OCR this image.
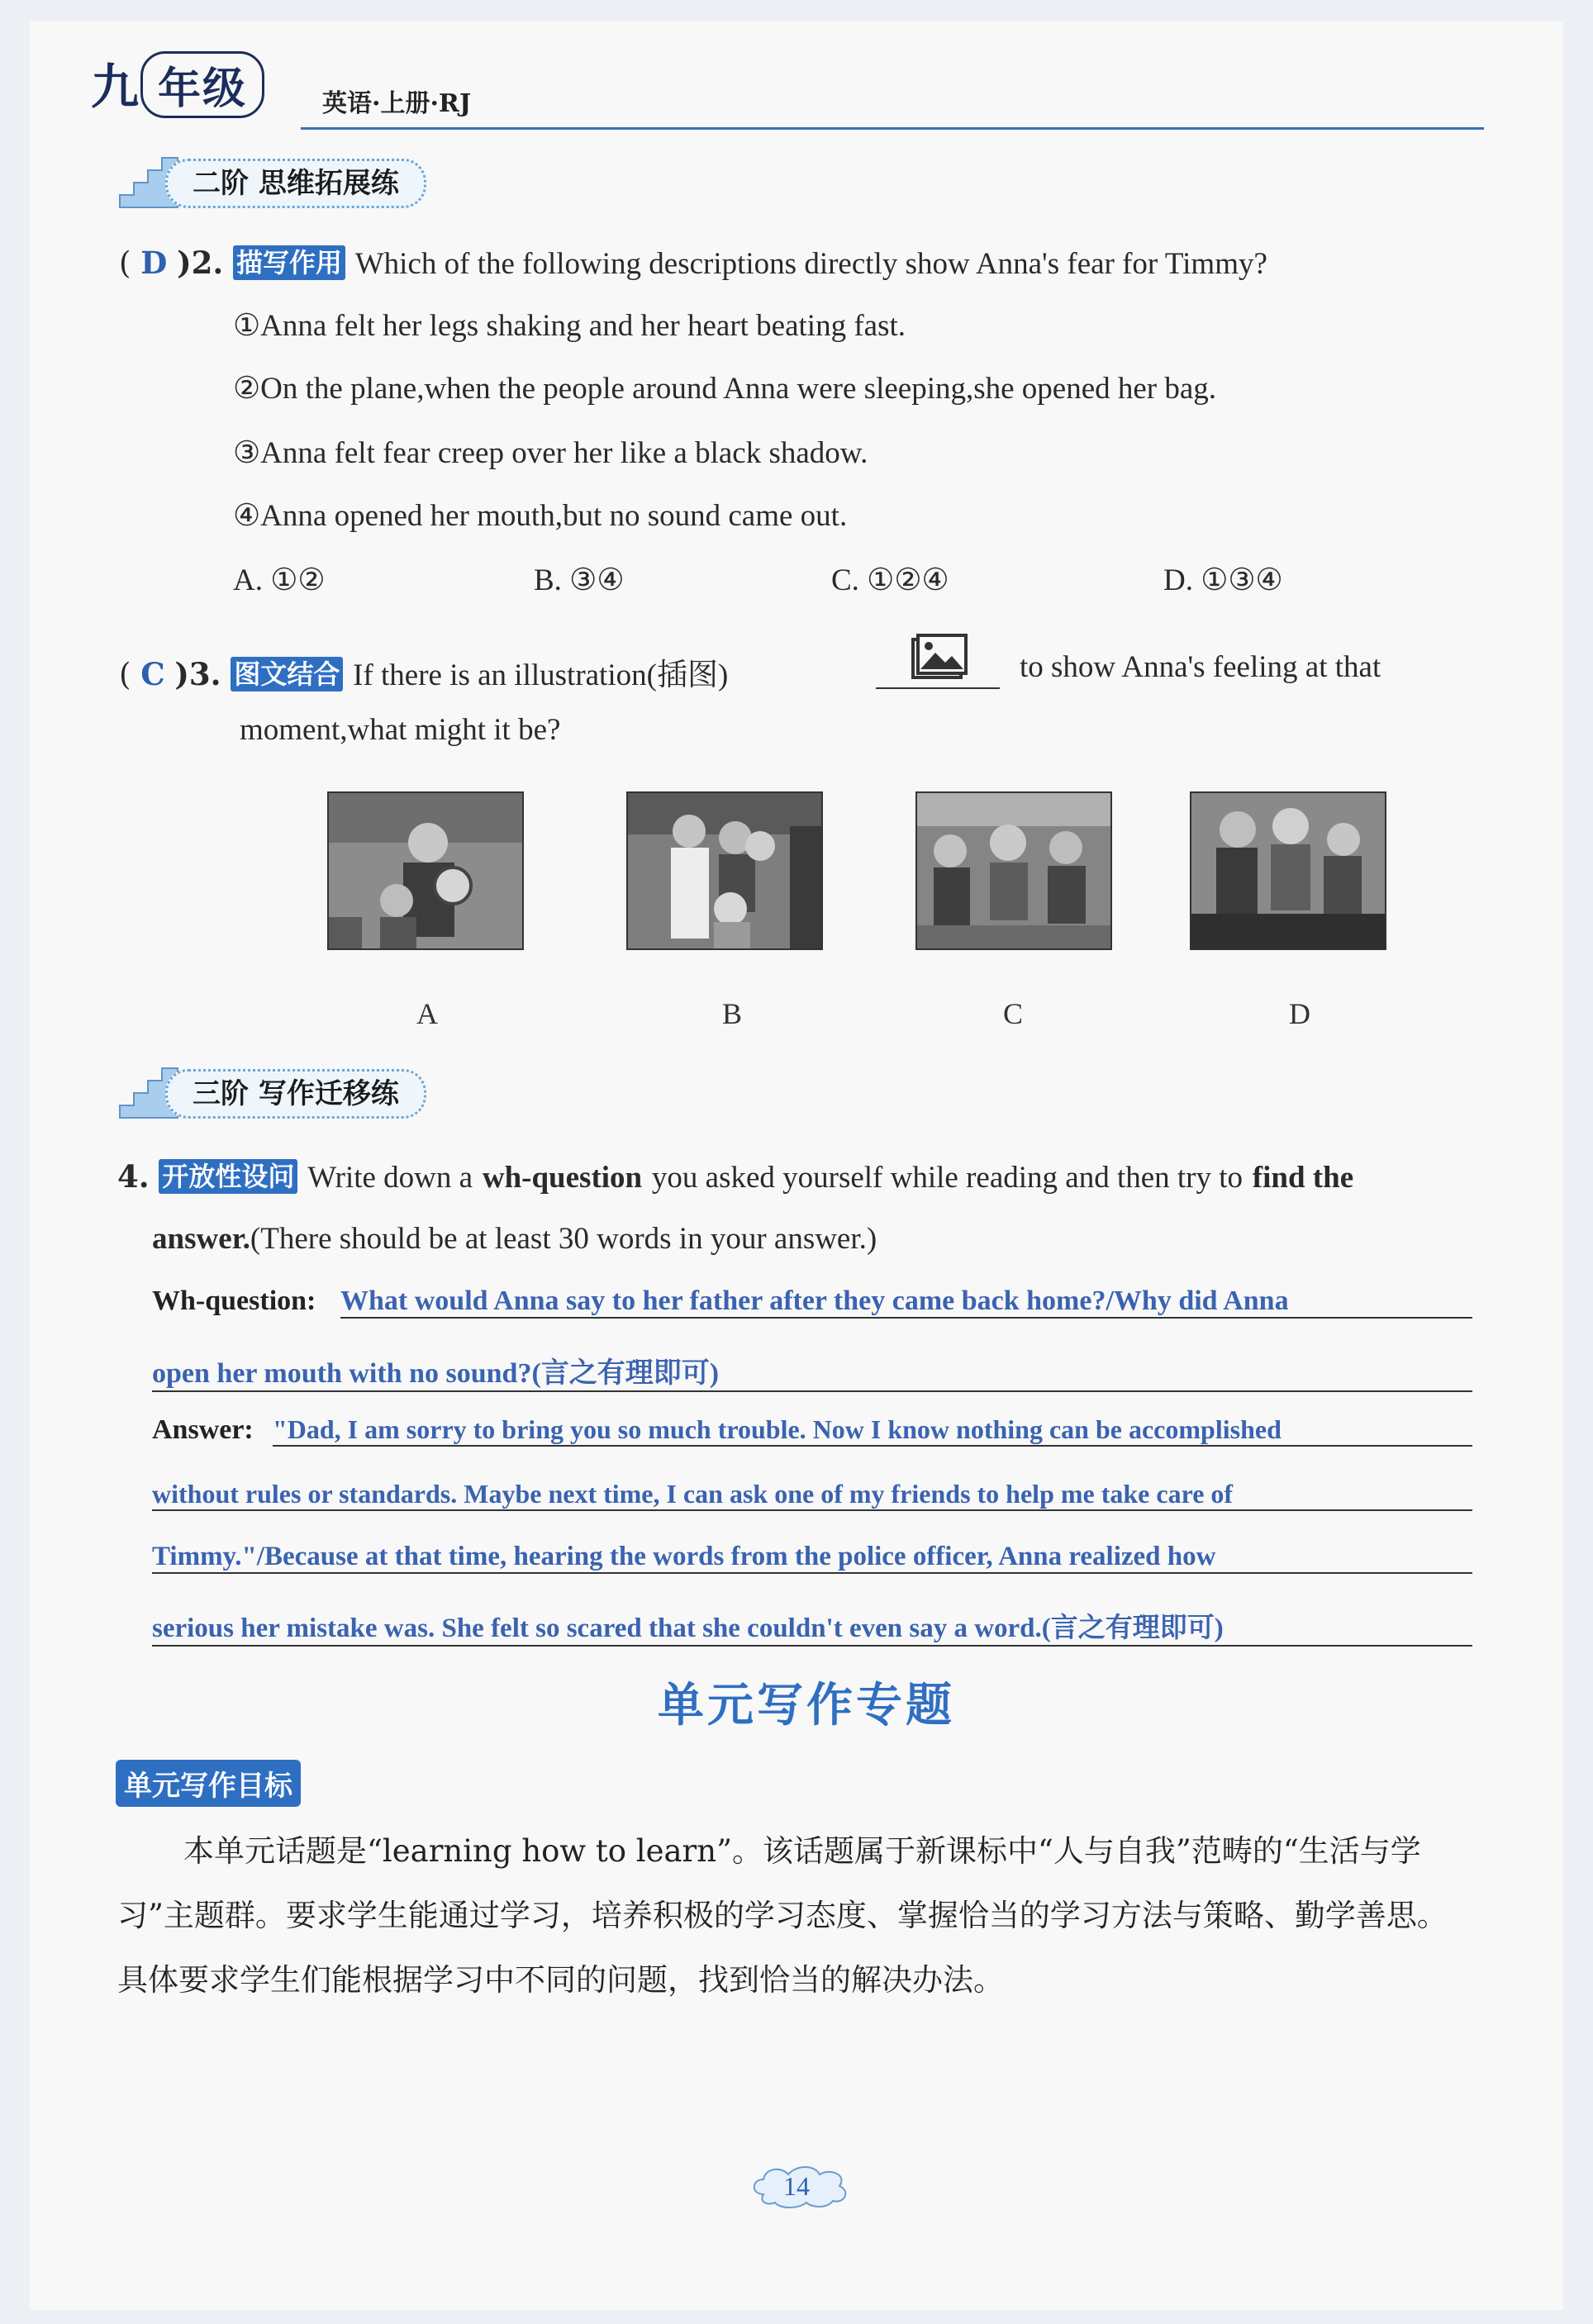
九 年级	英语·上册·RJ
二阶 思维拓展练
( D )2. 描写作用 Which of the following descriptions directly show Anna's fear for Timmy?
①Anna felt her legs shaking and her heart beating fast.
②On the plane,when the people around Anna were sleeping,she opened her bag.
③Anna felt fear creep over her like a black shadow.
④Anna opened her mouth,but no sound came out.
A. ①②	B. ③④	C. ①②④	D. ①③④
( C )3. 图文结合 If there is an illustration(插图)	to show Anna's feeling at that
moment,what might it be?
A	B	C	D
三阶 写作迁移练
4. 开放性设问 Write down a wh-question you asked yourself while reading and then try to find the
answer.(There should be at least 30 words in your answer.)
Wh-question: What would Anna say to her father after they came back home?/Why did Anna
open her mouth with no sound?(言之有理即可)
Answer: "Dad, I am sorry to bring you so much trouble. Now I know nothing can be accomplished
without rules or standards. Maybe next time, I can ask one of my friends to help me take care of
Timmy."/Because at that time, hearing the words from the police officer, Anna realized how
serious her mistake was. She felt so scared that she couldn't even say a word.(言之有理即可)
单元写作专题
单元写作目标
本单元话题是“learning how to learn”。该话题属于新课标中“人与自我”范畴的“生活与学
习”主题群。要求学生能通过学习，培养积极的学习态度、掌握恰当的学习方法与策略、勤学善思。
具体要求学生们能根据学习中不同的问题，找到恰当的解决办法。
14
